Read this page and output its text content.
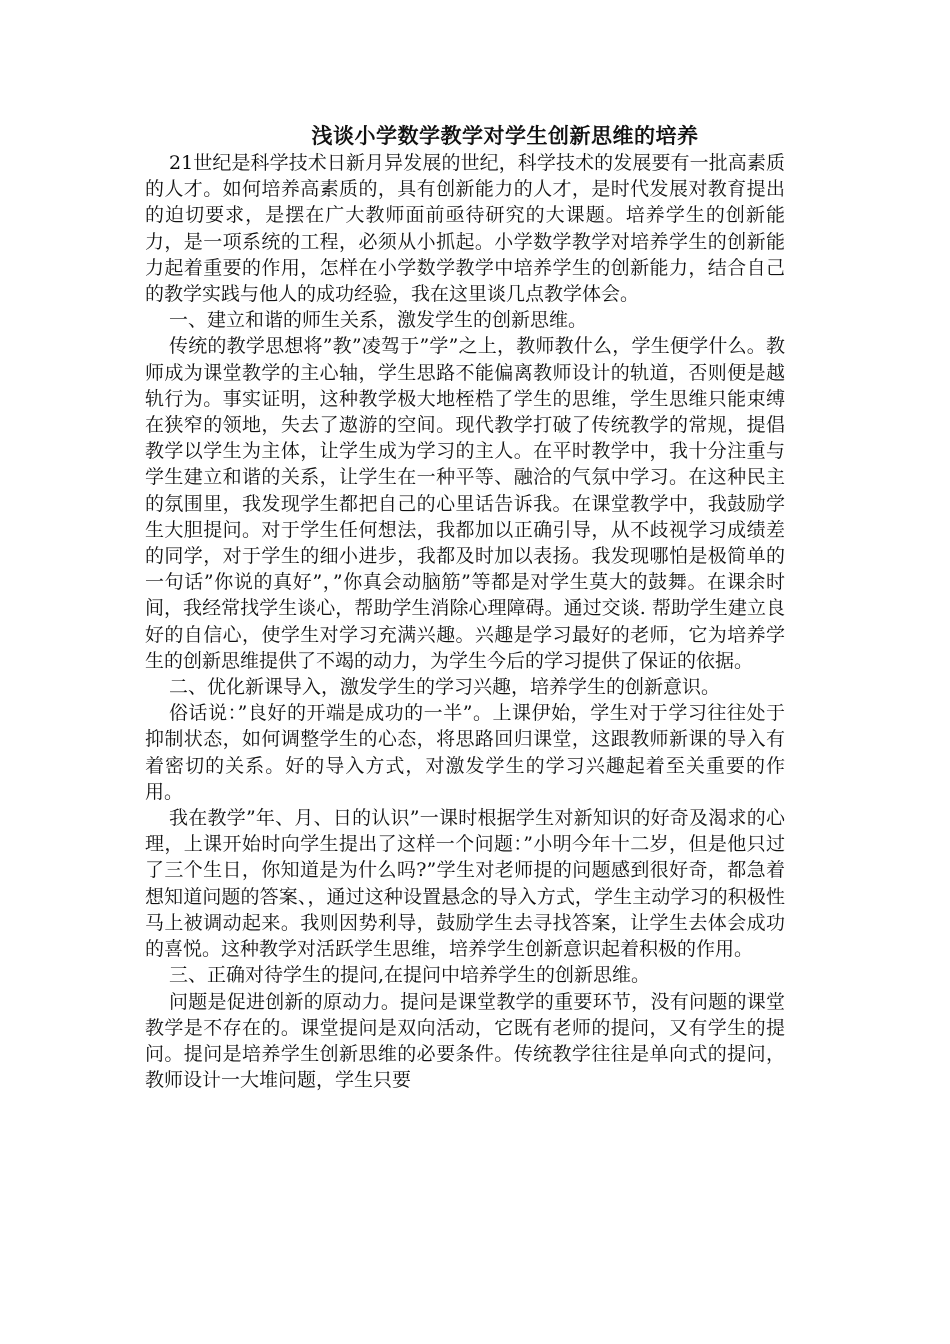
浅谈小学数学教学对学生创新思维的培养

21世纪是科学技术日新月异发展的世纪，科学技术的发展要有一批高素质的人才。如何培养高素质的，具有创新能力的人才，是时代发展对教育提出的迫切要求，是摆在广大教师面前亟待研究的大课题。培养学生的创新能力，是一项系统的工程，必须从小抓起。小学数学教学对培养学生的创新能力起着重要的作用，怎样在小学数学教学中培养学生的创新能力，结合自己的教学实践与他人的成功经验，我在这里谈几点教学体会。

一、建立和谐的师生关系，激发学生的创新思维。

传统的教学思想将”教”凌驾于”学”之上，教师教什么，学生便学什么。教师成为课堂教学的主心轴，学生思路不能偏离教师设计的轨道，否则便是越轨行为。事实证明，这种教学极大地桎梏了学生的思维，学生思维只能束缚在狭窄的领地，失去了遨游的空间。现代教学打破了传统教学的常规，提倡教学以学生为主体，让学生成为学习的主人。在平时教学中，我十分注重与学生建立和谐的关系，让学生在一种平等、融洽的气氛中学习。在这种民主的氛围里，我发现学生都把自己的心里话告诉我。在课堂教学中，我鼓励学生大胆提问。对于学生任何想法，我都加以正确引导，从不歧视学习成绩差的同学，对于学生的细小进步，我都及时加以表扬。我发现哪怕是极简单的一句话”你说的真好”，”你真会动脑筋”等都是对学生莫大的鼓舞。在课余时间，我经常找学生谈心，帮助学生消除心理障碍。通过交谈. 帮助学生建立良好的自信心，使学生对学习充满兴趣。兴趣是学习最好的老师，它为培养学生的创新思维提供了不竭的动力，为学生今后的学习提供了保证的依据。

二、优化新课导入，激发学生的学习兴趣，培养学生的创新意识。

俗话说：”良好的开端是成功的一半”。上课伊始，学生对于学习往往处于抑制状态，如何调整学生的心态，将思路回归课堂，这跟教师新课的导入有着密切的关系。好的导入方式，对激发学生的学习兴趣起着至关重要的作用。

我在教学”年、月、日的认识”一课时根据学生对新知识的好奇及渴求的心理，上课开始时向学生提出了这样一个问题：”小明今年十二岁，但是他只过了三个生日，你知道是为什么吗?”学生对老师提的问题感到很好奇，都急着想知道问题的答案、，通过这种设置悬念的导入方式，学生主动学习的积极性马上被调动起来。我则因势利导，鼓励学生去寻找答案，让学生去体会成功的喜悦。这种教学对活跃学生思维，培养学生创新意识起着积极的作用。

三、正确对待学生的提问,在提问中培养学生的创新思维。

问题是促进创新的原动力。提问是课堂教学的重要环节，没有问题的课堂教学是不存在的。课堂提问是双向活动，它既有老师的提问，又有学生的提问。提问是培养学生创新思维的必要条件。传统教学往往是单向式的提问，教师设计一大堆问题，学生只要
